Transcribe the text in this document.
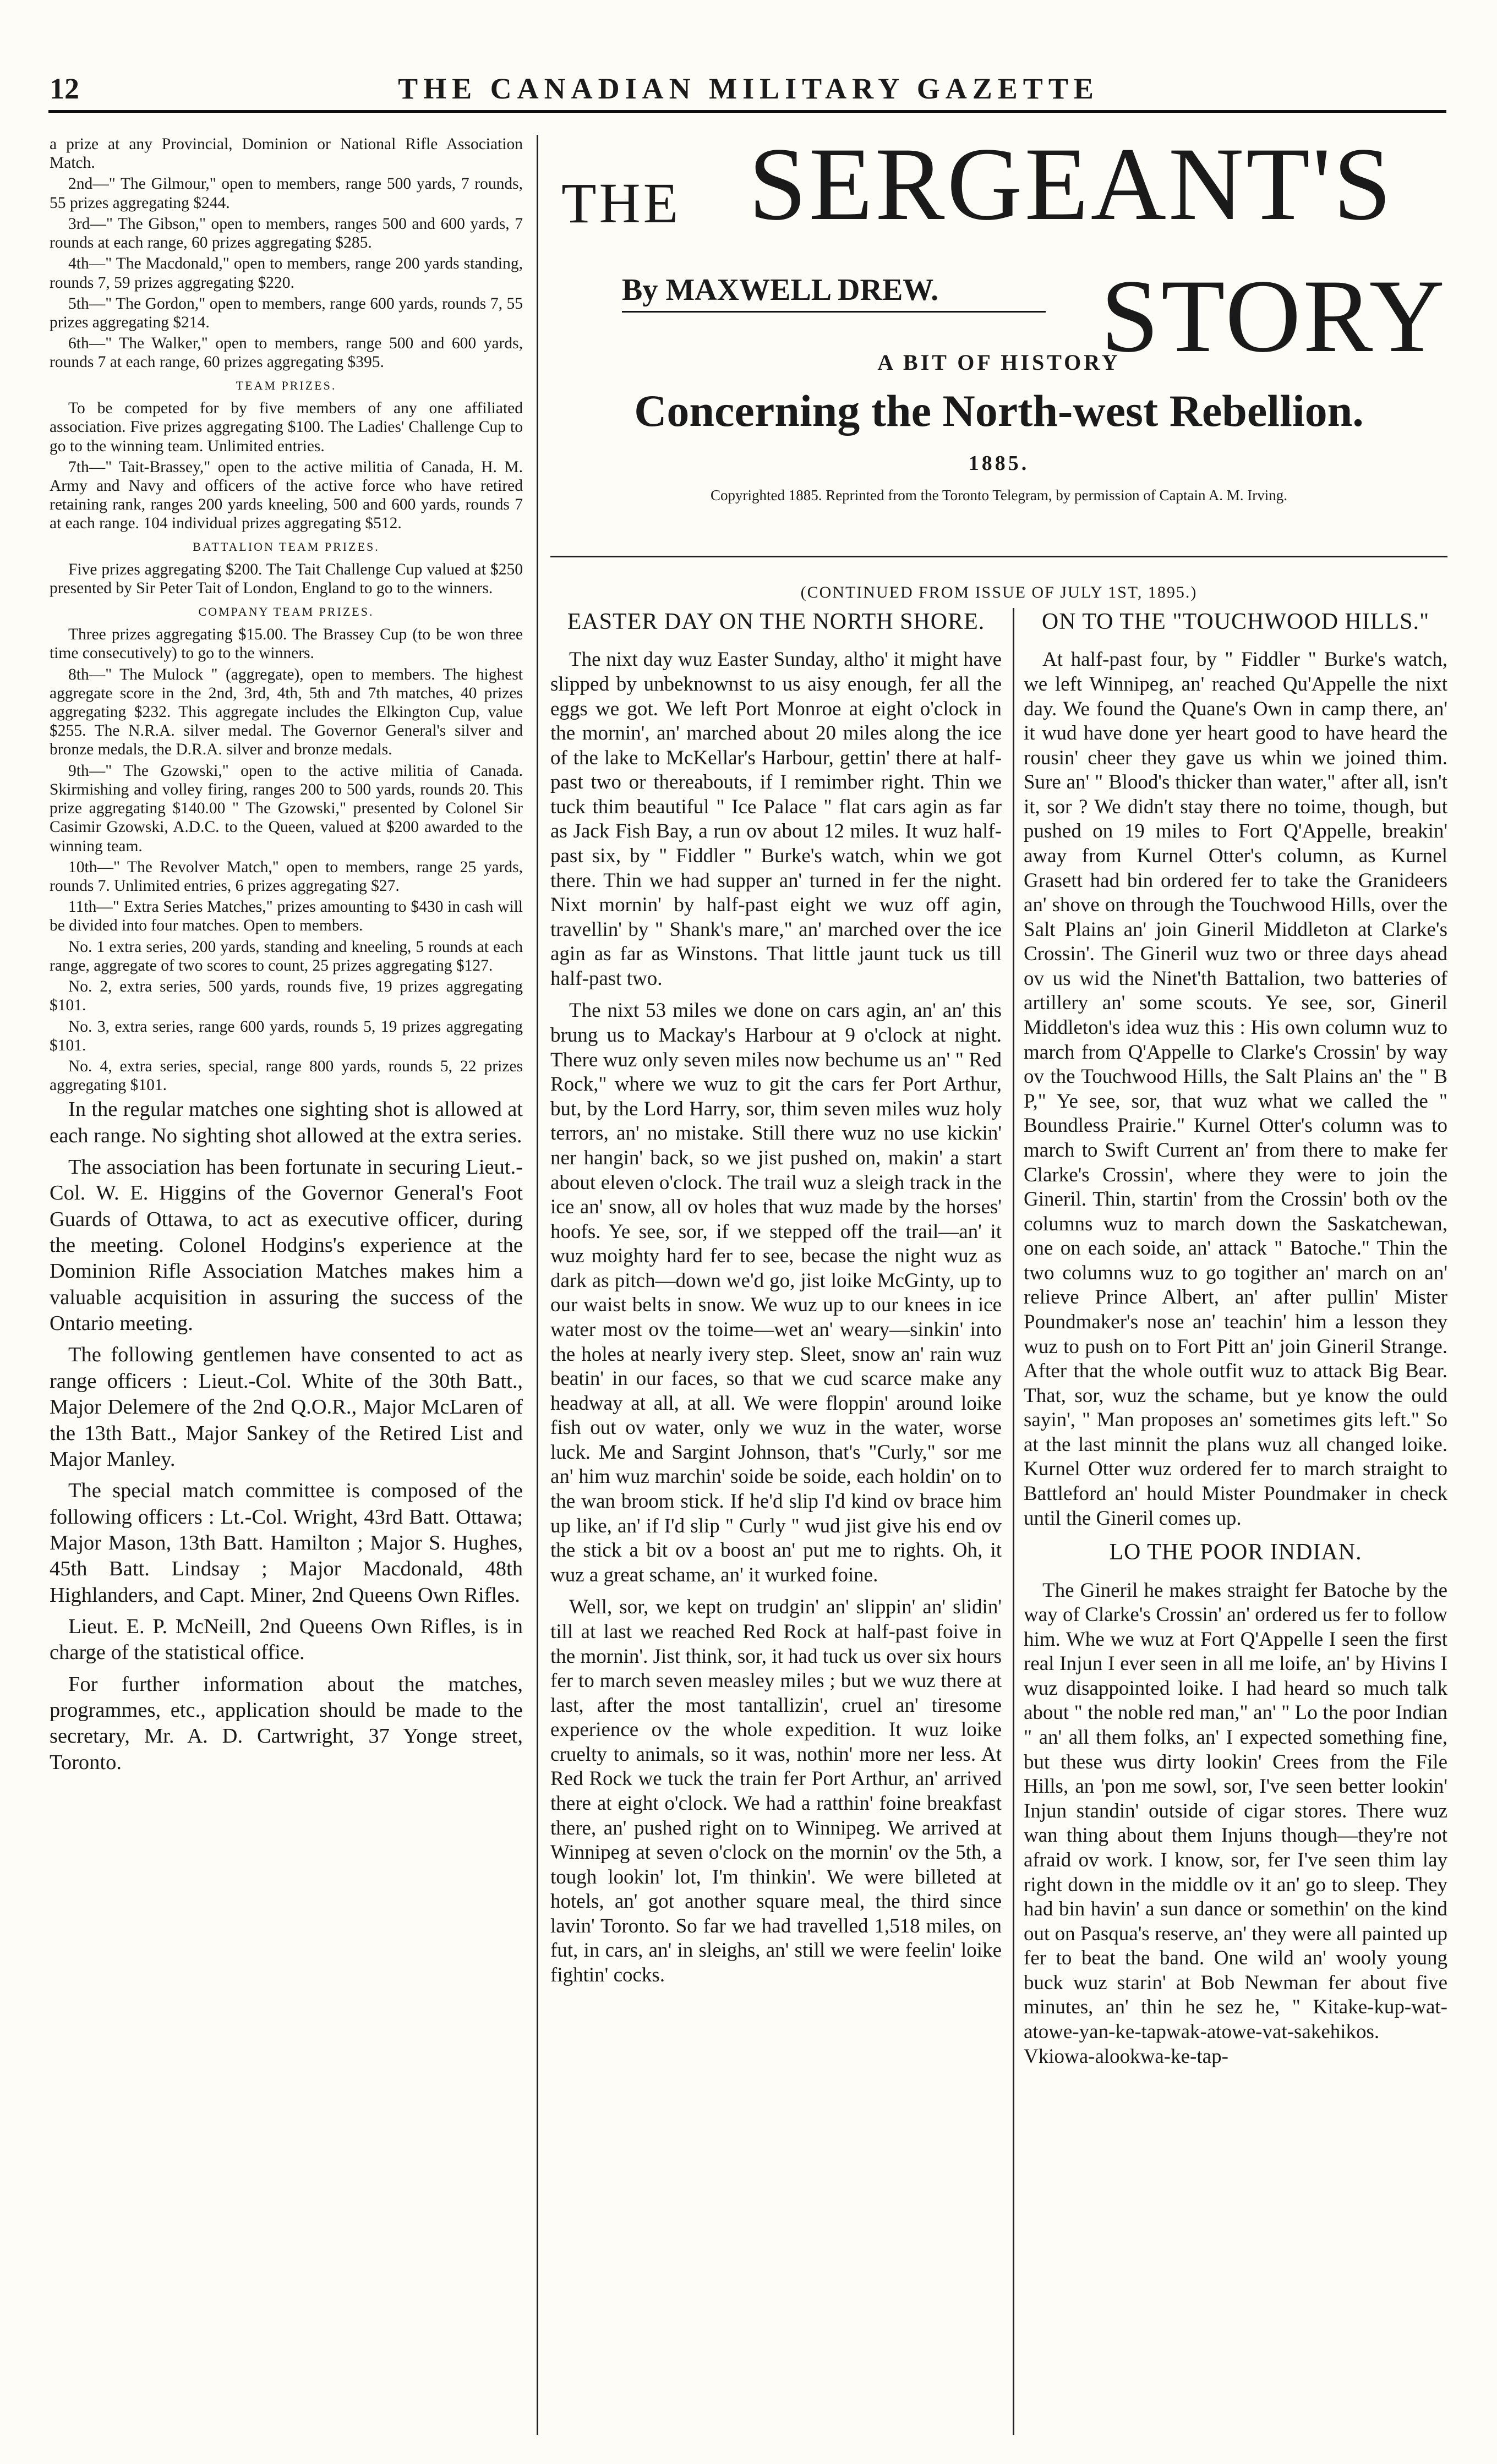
12	THE CANADIAN MILITARY GAZETTE

a prize at any Provincial, Dominion or National Rifle Association Match.

2nd—" The Gilmour," open to members, range 500 yards, 7 rounds, 55 prizes aggregating $244.

3rd—" The Gibson," open to members, ranges 500 and 600 yards, 7 rounds at each range, 60 prizes aggregating $285.

4th—" The Macdonald," open to members, range 200 yards standing, rounds 7, 59 prizes aggregating $220.

5th—" The Gordon," open to members, range 600 yards, rounds 7, 55 prizes aggregating $214.

6th—" The Walker," open to members, range 500 and 600 yards, rounds 7 at each range, 60 prizes aggregating $395.

TEAM PRIZES.

To be competed for by five members of any one affiliated association. Five prizes aggregating $100. The Ladies' Challenge Cup to go to the winning team. Unlimited entries.

7th—" Tait-Brassey," open to the active militia of Canada, H. M. Army and Navy and officers of the active force who have retired retaining rank, ranges 200 yards kneeling, 500 and 600 yards, rounds 7 at each range. 104 individual prizes aggregating $512.

BATTALION TEAM PRIZES.

Five prizes aggregating $200. The Tait Challenge Cup valued at $250 presented by Sir Peter Tait of London, England to go to the winners.

COMPANY TEAM PRIZES.

Three prizes aggregating $15.00. The Brassey Cup (to be won three time consecutively) to go to the winners.

8th—" The Mulock " (aggregate), open to members. The highest aggregate score in the 2nd, 3rd, 4th, 5th and 7th matches, 40 prizes aggregating $232. This aggregate includes the Elkington Cup, value $255. The N.R.A. silver medal. The Governor General's silver and bronze medals, the D.R.A. silver and bronze medals.

9th—" The Gzowski," open to the active militia of Canada. Skirmishing and volley firing, ranges 200 to 500 yards, rounds 20. This prize aggregating $140.00 " The Gzowski," presented by Colonel Sir Casimir Gzowski, A.D.C. to the Queen, valued at $200 awarded to the winning team.

10th—" The Revolver Match," open to members, range 25 yards, rounds 7. Unlimited entries, 6 prizes aggregating $27.

11th—" Extra Series Matches," prizes amounting to $430 in cash will be divided into four matches. Open to members.

No. 1 extra series, 200 yards, standing and kneeling, 5 rounds at each range, aggregate of two scores to count, 25 prizes aggregating $127.

No. 2, extra series, 500 yards, rounds five, 19 prizes aggregating $101.

No. 3, extra series, range 600 yards, rounds 5, 19 prizes aggregating $101.

No. 4, extra series, special, range 800 yards, rounds 5, 22 prizes aggregating $101.

In the regular matches one sighting shot is allowed at each range. No sighting shot allowed at the extra series.

The association has been fortunate in securing Lieut.-Col. W. E. Higgins of the Governor General's Foot Guards of Ottawa, to act as executive officer, during the meeting. Colonel Hodgins's experience at the Dominion Rifle Association Matches makes him a valuable acquisition in assuring the success of the Ontario meeting.

The following gentlemen have consented to act as range officers : Lieut.-Col. White of the 30th Batt., Major Delemere of the 2nd Q.O.R., Major McLaren of the 13th Batt., Major Sankey of the Retired List and Major Manley.

The special match committee is composed of the following officers : Lt.-Col. Wright, 43rd Batt. Ottawa; Major Mason, 13th Batt. Hamilton ; Major S. Hughes, 45th Batt. Lindsay ; Major Macdonald, 48th Highlanders, and Capt. Miner, 2nd Queens Own Rifles.

Lieut. E. P. McNeill, 2nd Queens Own Rifles, is in charge of the statistical office.

For further information about the matches, programmes, etc., application should be made to the secretary, Mr. A. D. Cartwright, 37 Yonge street, Toronto.

THE SERGEANT'S
By MAXWELL DREW.	STORY
A BIT OF HISTORY
Concerning the North-west Rebellion.
1885.
Copyrighted 1885. Reprinted from the Toronto Telegram, by permission of Captain A. M. Irving.
(CONTINUED FROM ISSUE OF JULY 1ST, 1895.)
EASTER DAY ON THE NORTH SHORE.

The nixt day wuz Easter Sunday, altho' it might have slipped by unbeknownst to us aisy enough, fer all the eggs we got. We left Port Monroe at eight o'clock in the mornin', an' marched about 20 miles along the ice of the lake to McKellar's Harbour, gettin' there at half-past two or thereabouts, if I remimber right. Thin we tuck thim beautiful " Ice Palace " flat cars agin as far as Jack Fish Bay, a run ov about 12 miles. It wuz half-past six, by " Fiddler " Burke's watch, whin we got there. Thin we had supper an' turned in fer the night. Nixt mornin' by half-past eight we wuz off agin, travellin' by " Shank's mare," an' marched over the ice agin as far as Winstons. That little jaunt tuck us till half-past two.

The nixt 53 miles we done on cars agin, an' an' this brung us to Mackay's Harbour at 9 o'clock at night. There wuz only seven miles now bechume us an' " Red Rock," where we wuz to git the cars fer Port Arthur, but, by the Lord Harry, sor, thim seven miles wuz holy terrors, an' no mistake. Still there wuz no use kickin' ner hangin' back, so we jist pushed on, makin' a start about eleven o'clock. The trail wuz a sleigh track in the ice an' snow, all ov holes that wuz made by the horses' hoofs. Ye see, sor, if we stepped off the trail—an' it wuz moighty hard fer to see, becase the night wuz as dark as pitch—down we'd go, jist loike McGinty, up to our waist belts in snow. We wuz up to our knees in ice water most ov the toime—wet an' weary—sinkin' into the holes at nearly ivery step. Sleet, snow an' rain wuz beatin' in our faces, so that we cud scarce make any headway at all, at all. We were floppin' around loike fish out ov water, only we wuz in the water, worse luck. Me and Sargint Johnson, that's "Curly," sor me an' him wuz marchin' soide be soide, each holdin' on to the wan broom stick. If he'd slip I'd kind ov brace him up like, an' if I'd slip " Curly " wud jist give his end ov the stick a bit ov a boost an' put me to rights. Oh, it wuz a great schame, an' it wurked foine.

Well, sor, we kept on trudgin' an' slippin' an' slidin' till at last we reached Red Rock at half-past foive in the mornin'. Jist think, sor, it had tuck us over six hours fer to march seven measley miles ; but we wuz there at last, after the most tantallizin', cruel an' tiresome experience ov the whole expedition. It wuz loike cruelty to animals, so it was, nothin' more ner less. At Red Rock we tuck the train fer Port Arthur, an' arrived there at eight o'clock. We had a ratthin' foine breakfast there, an' pushed right on to Winnipeg. We arrived at Winnipeg at seven o'clock on the mornin' ov the 5th, a tough lookin' lot, I'm thinkin'. We were billeted at hotels, an' got another square meal, the third since lavin' Toronto. So far we had travelled 1,518 miles, on fut, in cars, an' in sleighs, an' still we were feelin' loike fightin' cocks.

ON TO THE "TOUCHWOOD HILLS."

At half-past four, by " Fiddler " Burke's watch, we left Winnipeg, an' reached Qu'Appelle the nixt day. We found the Quane's Own in camp there, an' it wud have done yer heart good to have heard the rousin' cheer they gave us whin we joined thim. Sure an' " Blood's thicker than water," after all, isn't it, sor ? We didn't stay there no toime, though, but pushed on 19 miles to Fort Q'Appelle, breakin' away from Kurnel Otter's column, as Kurnel Grasett had bin ordered fer to take the Granideers an' shove on through the Touchwood Hills, over the Salt Plains an' join Gineril Middleton at Clarke's Crossin'. The Gineril wuz two or three days ahead ov us wid the Ninet'th Battalion, two batteries of artillery an' some scouts. Ye see, sor, Gineril Middleton's idea wuz this : His own column wuz to march from Q'Appelle to Clarke's Crossin' by way ov the Touchwood Hills, the Salt Plains an' the " B P," Ye see, sor, that wuz what we called the " Boundless Prairie." Kurnel Otter's column was to march to Swift Current an' from there to make fer Clarke's Crossin', where they were to join the Gineril. Thin, startin' from the Crossin' both ov the columns wuz to march down the Saskatchewan, one on each soide, an' attack " Batoche." Thin the two columns wuz to go togither an' march on an' relieve Prince Albert, an' after pullin' Mister Poundmaker's nose an' teachin' him a lesson they wuz to push on to Fort Pitt an' join Gineril Strange. After that the whole outfit wuz to attack Big Bear. That, sor, wuz the schame, but ye know the ould sayin', " Man proposes an' sometimes gits left." So at the last minnit the plans wuz all changed loike. Kurnel Otter wuz ordered fer to march straight to Battleford an' hould Mister Poundmaker in check until the Gineril comes up.

LO THE POOR INDIAN.

The Gineril he makes straight fer Batoche by the way of Clarke's Crossin' an' ordered us fer to follow him. Whe we wuz at Fort Q'Appelle I seen the first real Injun I ever seen in all me loife, an' by Hivins I wuz disappointed loike. I had heard so much talk about " the noble red man," an' " Lo the poor Indian " an' all them folks, an' I expected something fine, but these wus dirty lookin' Crees from the File Hills, an 'pon me sowl, sor, I've seen better lookin' Injun standin' outside of cigar stores. There wuz wan thing about them Injuns though—they're not afraid ov work. I know, sor, fer I've seen thim lay right down in the middle ov it an' go to sleep. They had bin havin' a sun dance or somethin' on the kind out on Pasqua's reserve, an' they were all painted up fer to beat the band. One wild an' wooly young buck wuz starin' at Bob Newman fer about five minutes, an' thin he sez he, " Kitake-kup-wat-atowe-yan-ke-tapwak-atowe-vat-sakehikos. Vkiowa-alookwa-ke-tap-
